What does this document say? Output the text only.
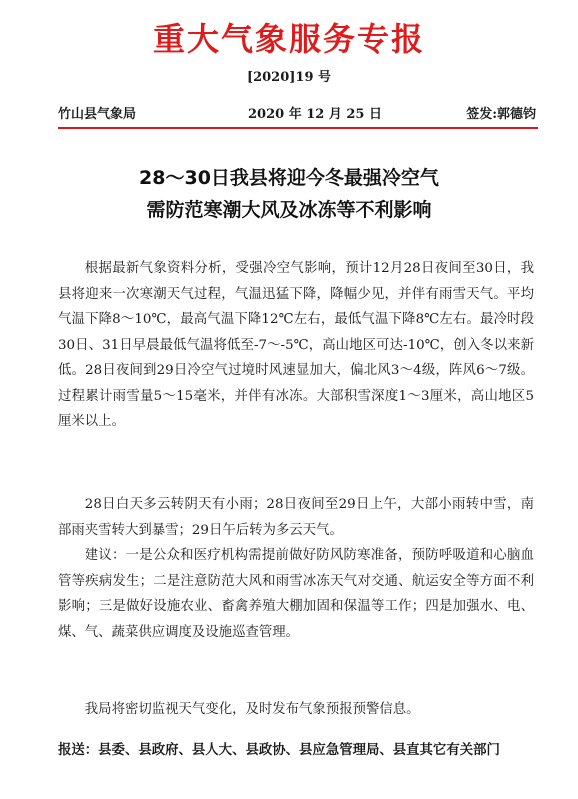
重大气象服务专报
[2020]19 号
竹山县气象局	2020 年 12 月 25 日	签发:郭德钧
28～30日我县将迎今冬最强冷空气
需防范寒潮大风及冰冻等不利影响

根据最新气象资料分析，受强冷空气影响，预计12月28日夜间至30日，我县将迎来一次寒潮天气过程，气温迅猛下降，降幅少见，并伴有雨雪天气。平均气温下降8～10℃，最高气温下降12℃左右，最低气温下降8℃左右。最冷时段30日、31日早晨最低气温将低至-7～-5℃，高山地区可达-10℃，创入冬以来新低。28日夜间到29日冷空气过境时风速显加大，偏北风3～4级，阵风6～7级。过程累计雨雪量5～15毫米，并伴有冰冻。大部积雪深度1～3厘米，高山地区5厘米以上。

28日白天多云转阴天有小雨；28日夜间至29日上午，大部小雨转中雪，南部雨夹雪转大到暴雪；29日午后转为多云天气。

建议：一是公众和医疗机构需提前做好防风防寒准备，预防呼吸道和心脑血管等疾病发生；二是注意防范大风和雨雪冰冻天气对交通、航运安全等方面不利影响；三是做好设施农业、畜禽养殖大棚加固和保温等工作；四是加强水、电、煤、气、蔬菜供应调度及设施巡查管理。

我局将密切监视天气变化，及时发布气象预报预警信息。

报送：县委、县政府、县人大、县政协、县应急管理局、县直其它有关部门
